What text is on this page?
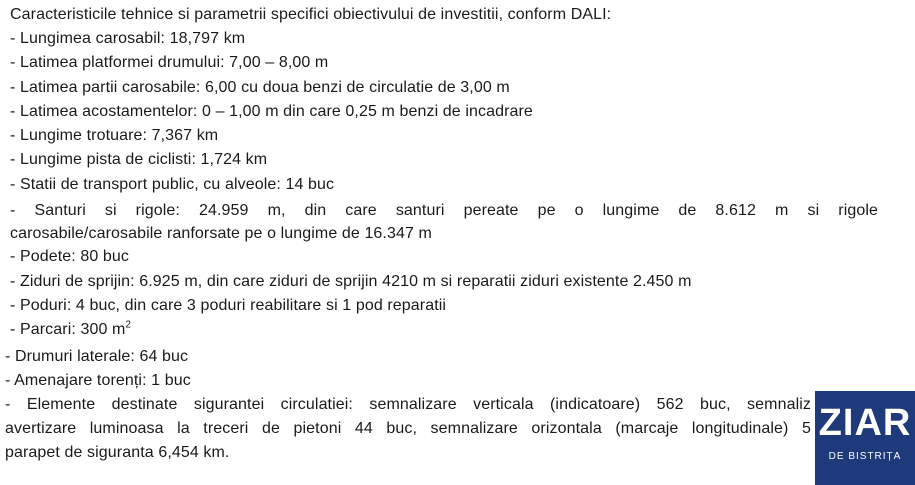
Caracteristicile tehnice si parametrii specifici obiectivului de investitii, conform DALI:
- Lungimea carosabil: 18,797 km
- Latimea platformei drumului: 7,00 – 8,00 m
- Latimea partii carosabile: 6,00 cu doua benzi de circulatie de 3,00 m
- Latimea acostamentelor: 0 – 1,00 m din care 0,25 m benzi de incadrare
- Lungime trotuare: 7,367 km
- Lungime pista de ciclisti: 1,724 km
- Statii de transport public, cu alveole: 14 buc
- Santuri si rigole: 24.959 m, din care santuri pereate pe o lungime de 8.612 m si rigole
carosabile/carosabile ranforsate pe o lungime de 16.347 m
- Podete: 80 buc
- Ziduri de sprijin: 6.925 m, din care ziduri de sprijin 4210 m si reparatii ziduri existente 2.450 m
- Poduri: 4 buc, din care 3 poduri reabilitare si 1 pod reparatii
- Parcari: 300 $m^2$
- Drumuri laterale: 64 buc
- Amenajare torenți: 1 buc
- Elemente destinate sigurantei circulatiei: semnalizare verticala (indicatoare) 562 buc, semnaliz
avertizare luminoasa la treceri de pietoni 44 buc, semnalizare orizontala (marcaje longitudinale) 5
parapet de siguranta 6,454 km.
ZIAR
DE BISTRIȚA
